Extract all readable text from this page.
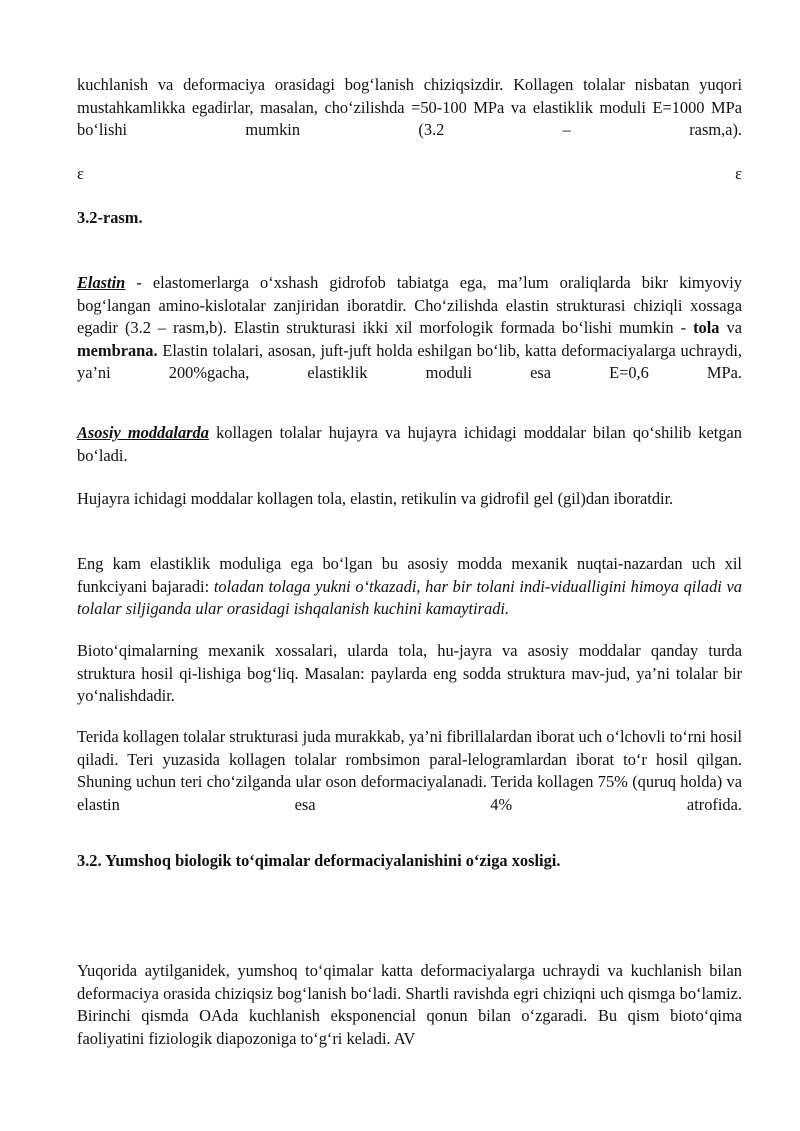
kuchlanish va deformaciya orasidagi bog‘lanish chiziqsizdir. Kollagen tolalar nisbatan yuqori mustahkamlikka egadirlar, masalan, cho‘zilishda =50-100 MPa va elastiklik moduli E=1000 MPa bo‘lishi mumkin (3.2 – rasm,a).

ε	ε

3.2-rasm.

Elastin - elastomerlarga o‘xshash gidrofob tabiatga ega, ma’lum oraliqlarda bikr kimyoviy bog‘langan amino-kislotalar zanjiridan iboratdir. Cho‘zilishda elastin strukturasi chiziqli xossaga egadir (3.2 – rasm,b). Elastin strukturasi ikki xil morfologik formada bo‘lishi mumkin - tola va membrana. Elastin tolalari, asosan, juft-juft holda eshilgan bo‘lib, katta deformaciyalarga uchraydi, ya’ni 200%gacha, elastiklik moduli esa E=0,6 MPa.

Asosiy moddalarda kollagen tolalar hujayra va hujayra ichidagi moddalar bilan qo‘shilib ketgan bo‘ladi.

Hujayra ichidagi moddalar kollagen tola, elastin, retikulin va gidrofil gel (gil)dan iboratdir.

Eng kam elastiklik moduliga ega bo‘lgan bu asosiy modda mexanik nuqtai-nazardan uch xil funkciyani bajaradi: toladan tolaga yukni o‘tkazadi, har bir tolani indi-vidualligini himoya qiladi va tolalar siljiganda ular orasidagi ishqalanish kuchini kamaytiradi.

Bioto‘qimalarning mexanik xossalari, ularda tola, hu-jayra va asosiy moddalar qanday turda struktura hosil qi-lishiga bog‘liq. Masalan: paylarda eng sodda struktura mav-jud, ya’ni tolalar bir yo‘nalishdadir.

Terida kollagen tolalar strukturasi juda murakkab, ya’ni fibrillalardan iborat uch o‘lchovli to‘rni hosil qiladi. Teri yuzasida kollagen tolalar rombsimon paral-lelogramlardan iborat to‘r hosil qilgan. Shuning uchun teri cho‘zilganda ular oson deformaciyalanadi. Terida kollagen 75% (quruq holda) va elastin esa 4% atrofida.

3.2. Yumshoq biologik to‘qimalar deformaciyalanishini o‘ziga xosligi.

Yuqorida aytilganidek, yumshoq to‘qimalar katta deformaciyalarga uchraydi va kuchlanish bilan deformaciya orasida chiziqsiz bog‘lanish bo‘ladi. Shartli ravishda egri chiziqni uch qismga bo‘lamiz. Birinchi qismda OAda kuchlanish eksponencial qonun bilan o‘zgaradi. Bu qism bioto‘qima faoliyatini fiziologik diapozoniga to‘g‘ri keladi. AV
